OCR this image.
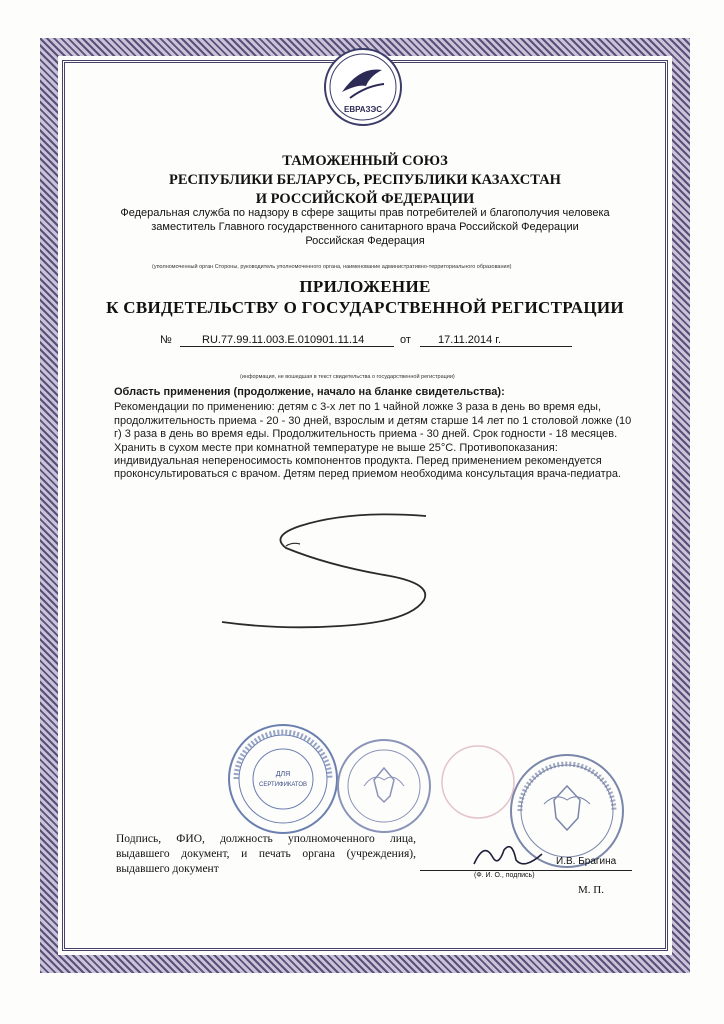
ЕВРАЗЭС
ТАМОЖЕННЫЙ СОЮЗ
РЕСПУБЛИКИ БЕЛАРУСЬ, РЕСПУБЛИКИ КАЗАХСТАН
И РОССИЙСКОЙ ФЕДЕРАЦИИ
Федеральная служба по надзору в сфере защиты прав потребителей и благополучия человека
заместитель Главного государственного санитарного врача Российской Федерации
Российская Федерация
(уполномоченный орган Стороны, руководитель уполномоченного органа, наименование административно-территориального образования)
ПРИЛОЖЕНИЕ
К СВИДЕТЕЛЬСТВУ О ГОСУДАРСТВЕННОЙ РЕГИСТРАЦИИ
№	RU.77.99.11.003.E.010901.11.14	от	17.11.2014 г.
(информация, не вошедшая в текст свидетельства о государственной регистрации)
Область применения (продолжение, начало на бланке свидетельства):
Рекомендации по применению: детям с 3-х лет по 1 чайной ложке 3 раза в день во время еды, продолжительность приема - 20 - 30 дней, взрослым и детям старше 14 лет по 1 столовой ложке (10 г) 3 раза в день во время еды. Продолжительность приема - 30 дней. Срок годности - 18 месяцев. Хранить в сухом месте при комнатной температуре не выше 25°С. Противопоказания: индивидуальная непереносимость компонентов продукта. Перед применением рекомендуется проконсультироваться с врачом. Детям перед приемом необходима консультация врача-педиатра.
ДЛЯ
СЕРТИФИКАТОВ
Подпись, ФИО, должность уполномоченного лица, выдавшего документ, и печать органа (учреждения), выдавшего документ
И.В. Брагина
(Ф. И. О., подпись)
М. П.
